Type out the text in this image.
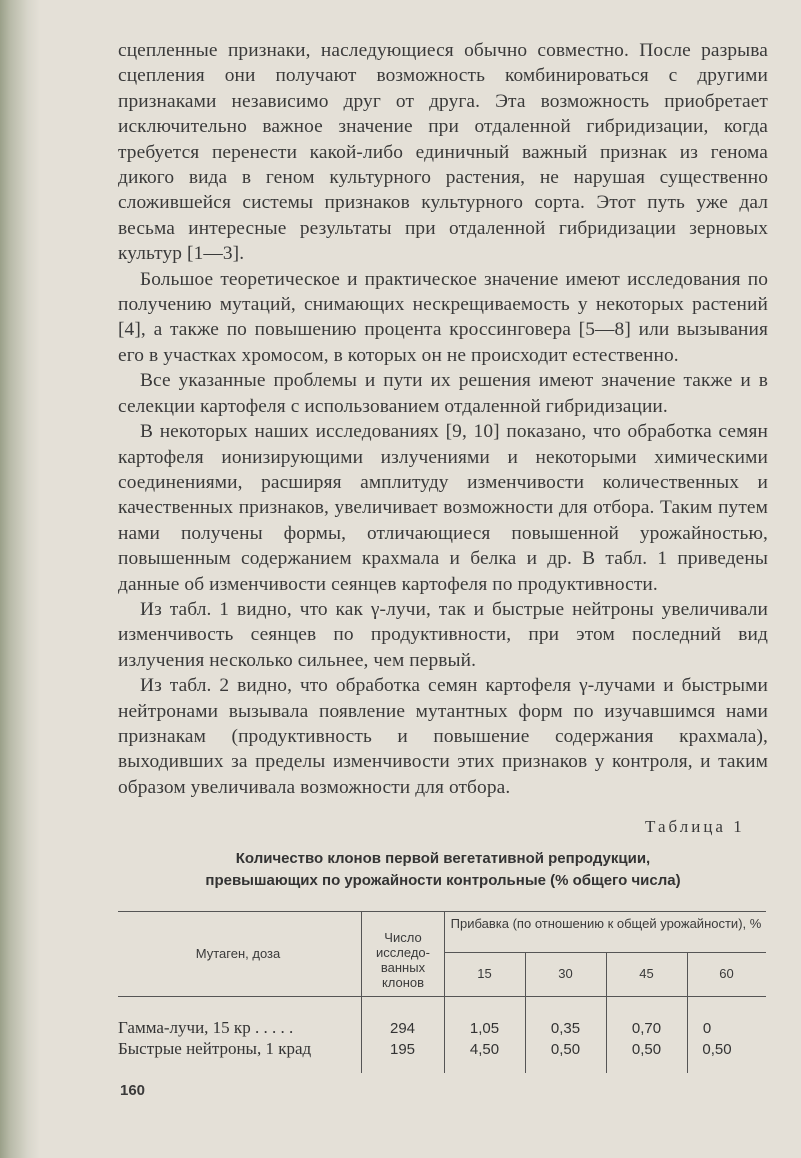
сцепленные признаки, наследующиеся обычно совместно. После разрыва сцепления они получают возможность комбинироваться с другими признаками независимо друг от друга. Эта возможность приобретает исключительно важное значение при отдаленной гибридизации, когда требуется перенести какой-либо единичный важный признак из генома дикого вида в геном культурного растения, не нарушая существенно сложившейся системы признаков культурного сорта. Этот путь уже дал весьма интересные результаты при отдаленной гибридизации зерновых культур [1—3].

Большое теоретическое и практическое значение имеют исследования по получению мутаций, снимающих нескрещиваемость у некоторых растений [4], а также по повышению процента кроссинговера [5—8] или вызывания его в участках хромосом, в которых он не происходит естественно.

Все указанные проблемы и пути их решения имеют значение также и в селекции картофеля с использованием отдаленной гибридизации.

В некоторых наших исследованиях [9, 10] показано, что обработка семян картофеля ионизирующими излучениями и некоторыми химическими соединениями, расширяя амплитуду изменчивости количественных и качественных признаков, увеличивает возможности для отбора. Таким путем нами получены формы, отличающиеся повышенной урожайностью, повышенным содержанием крахмала и белка и др. В табл. 1 приведены данные об изменчивости сеянцев картофеля по продуктивности.

Из табл. 1 видно, что как γ-лучи, так и быстрые нейтроны увеличивали изменчивость сеянцев по продуктивности, при этом последний вид излучения несколько сильнее, чем первый.

Из табл. 2 видно, что обработка семян картофеля γ-лучами и быстрыми нейтронами вызывала появление мутантных форм по изучавшимся нами признакам (продуктивность и повышение содержания крахмала), выходивших за пределы изменчивости этих признаков у контроля, и таким образом увеличивала возможности для отбора.

Таблица 1
Количество клонов первой вегетативной репродукции,
превышающих по урожайности контрольные (% общего числа)
Мутаген, доза
Число исследо-ванных клонов
Прибавка (по отношению к общей урожайности), %
15	30	45	60
Гамма-лучи, 15 кр . . . . .	294	1,05	0,35	0,70	0
Быстрые нейтроны, 1 крад	195	4,50	0,50	0,50	0,50
160
